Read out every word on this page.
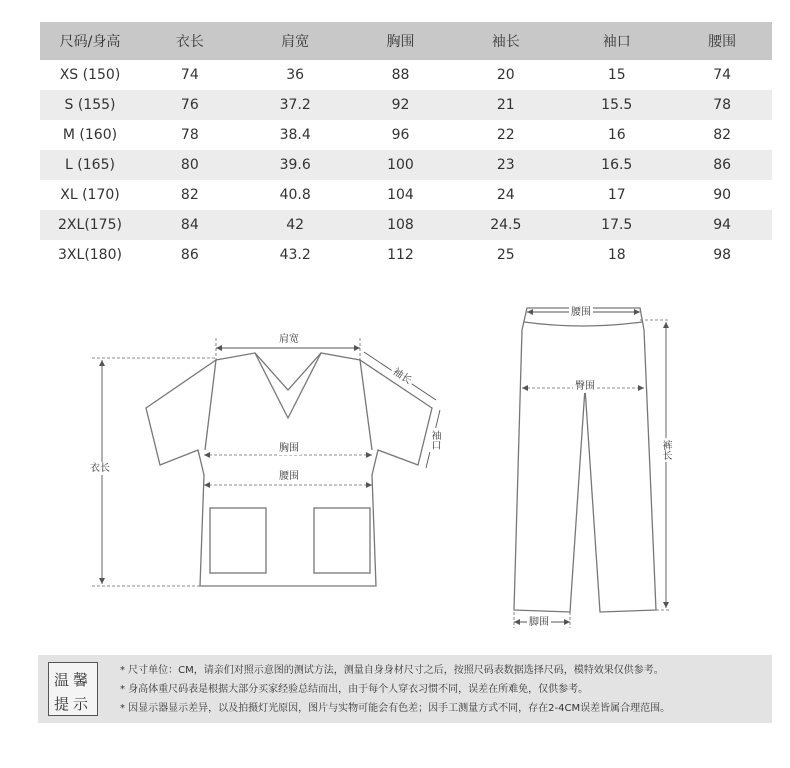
尺码/身高	衣长	肩宽	胸围	袖长	袖口	腰围
XS (150)	74	36	88	20	15	74
S (155)	76	37.2	92	21	15.5	78
M (160)	78	38.4	96	22	16	82
L (165)	80	39.6	100	23	16.5	86
XL (170)	82	40.8	104	24	17	90
2XL(175)	84	42	108	24.5	17.5	94
3XL(180)	86	43.2	112	25	18	98
肩宽
袖长
袖口
胸围
腰围
衣长
腰围
臀围
裤长
脚围
温馨
提示

* 尺寸单位：CM，请亲们对照示意图的测试方法，测量自身身材尺寸之后，按照尺码表数据选择尺码，模特效果仅供参考。

* 身高体重尺码表是根据大部分买家经验总结而出，由于每个人穿衣习惯不同，误差在所难免，仅供参考。

* 因显示器显示差异，以及拍摄灯光原因，图片与实物可能会有色差；因手工测量方式不同，存在2-4CM误差皆属合理范围。
